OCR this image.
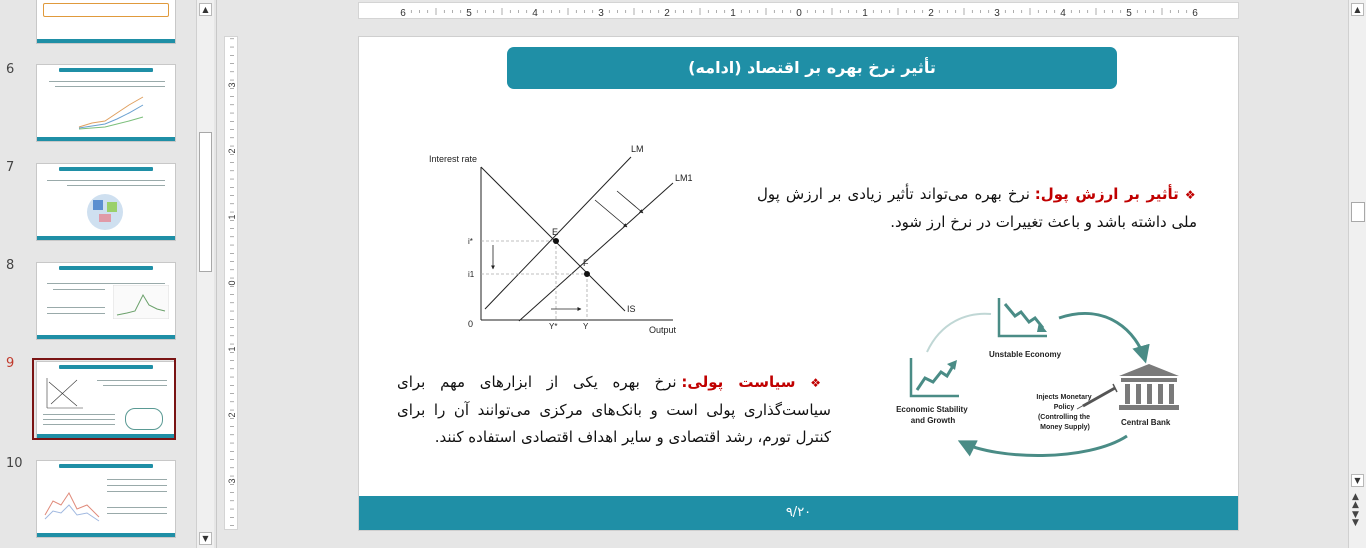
6
7
8
9
10
▲
▼
6	5	4	3	2	1	0	1	2	3	4	5	6
3
2
1
0
1
2
3
تأثیر نرخ بهره بر اقتصاد (ادامه)
Interest rate
0
Output
IS
LM
LM1
E
F
i*
i1
Y*	Y
❖ تأثیر بر ارزش پول: نرخ بهره می‌تواند تأثیر زیادی بر ارزش پول ملی داشته باشد و باعث تغییرات در نرخ ارز شود.
Unstable Economy
Central Bank
Injects Monetary Policy (Controlling the Money Supply)
Economic Stability and Growth
❖ سیاست پولی: نرخ بهره یکی از ابزارهای مهم برای سیاست‌گذاری پولی است و بانک‌های مرکزی می‌توانند آن را برای کنترل تورم، رشد اقتصادی و سایر اهداف اقتصادی استفاده کنند.
۹/۲۰
▲
▼
▲
▲
▼
▼
